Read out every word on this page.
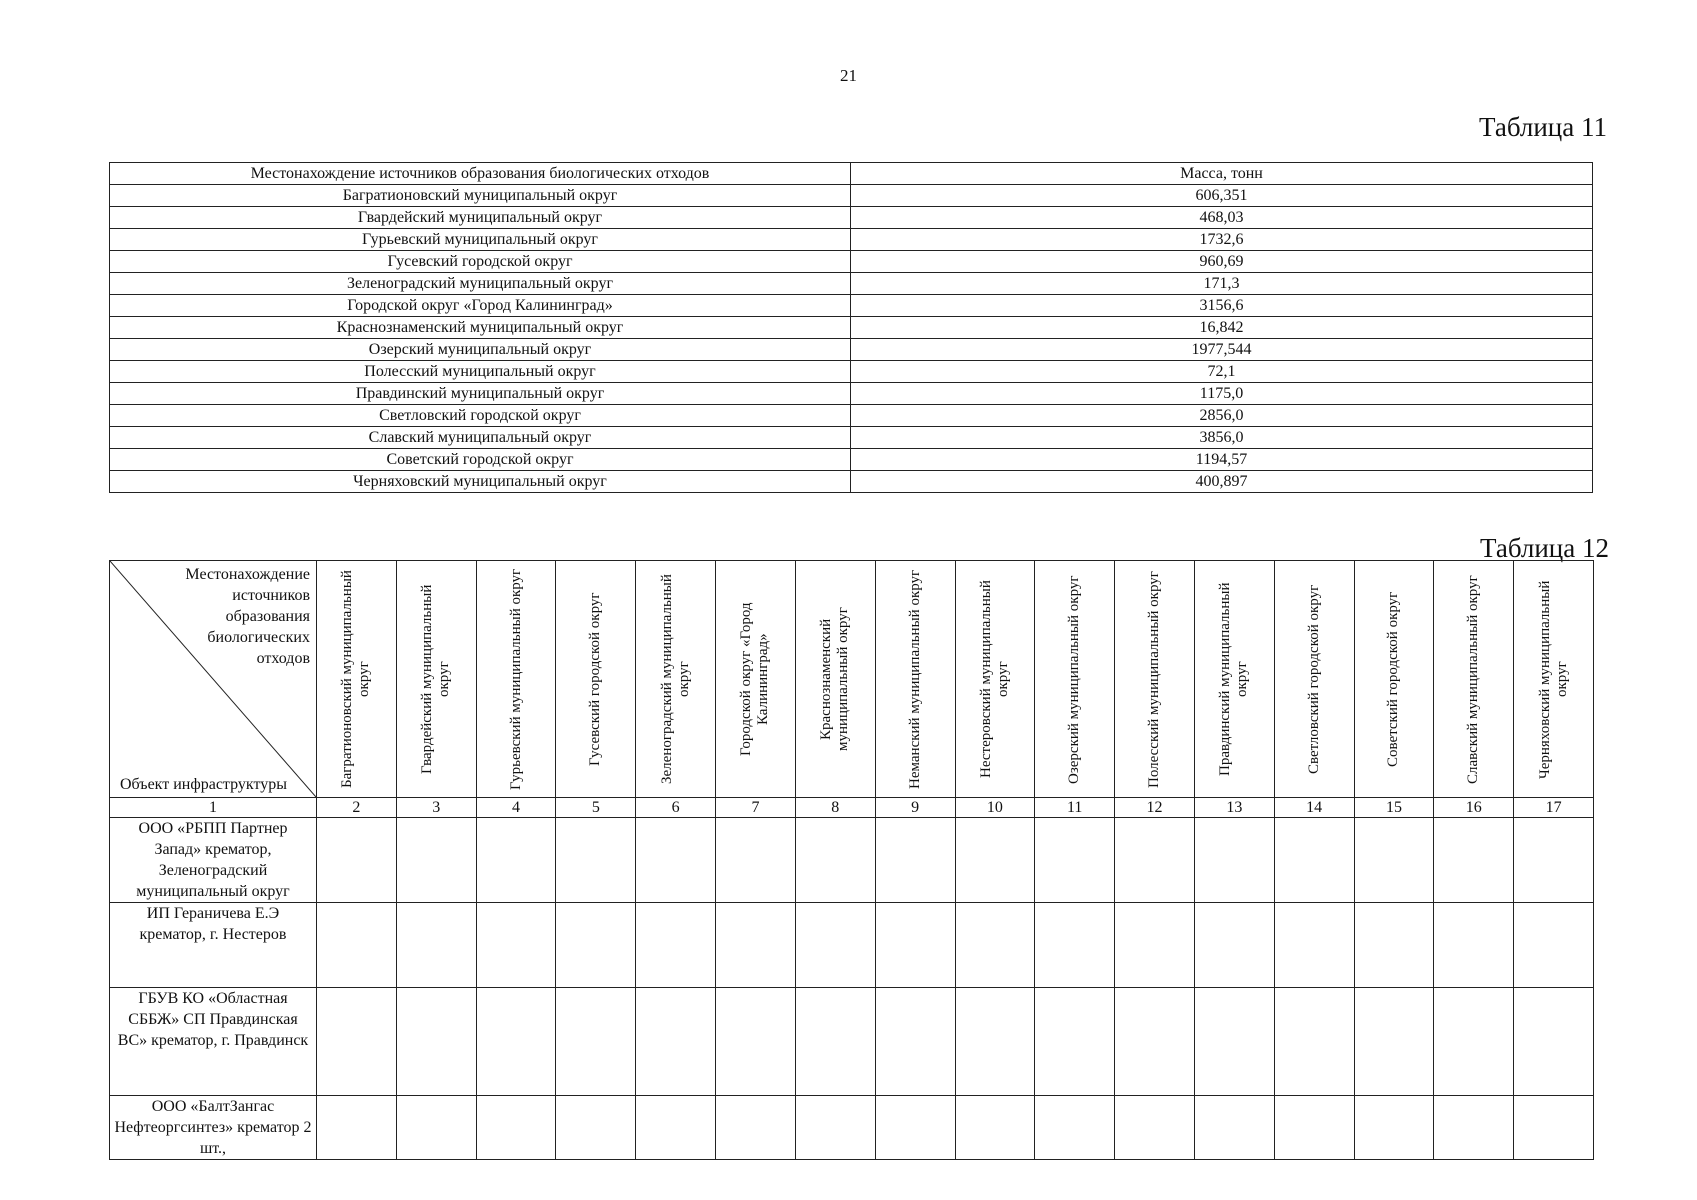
21
Таблица 11
Местонахождение источников образования биологических отходов	Масса, тонн
Багратионовский муниципальный округ	606,351
Гвардейский муниципальный округ	468,03
Гурьевский муниципальный округ	1732,6
Гусевский городской округ	960,69
Зеленоградский муниципальный округ	171,3
Городской округ «Город Калининград»	3156,6
Краснознаменский муниципальный округ	16,842
Озерский муниципальный округ	1977,544
Полесский муниципальный округ	72,1
Правдинский муниципальный округ	1175,0
Светловский городской округ	2856,0
Славский муниципальный округ	3856,0
Советский городской округ	1194,57
Черняховский муниципальный округ	400,897
Таблица 12
Местонахождение источников образования биологических отходов
Объект инфраструктуры	Багратионовский муниципальный округ	Гвардейский муниципальный округ	Гурьевский муниципальный округ	Гусевский городской округ	Зеленоградский муниципальный округ	Городской округ «Город Калининград»	Краснознаменский муниципальный округ	Неманский муниципальный округ	Нестеровский муниципальный округ	Озерский муниципальный округ	Полесский муниципальный округ	Правдинский муниципальный округ	Светловский городской округ	Советский городской округ	Славский муниципальный округ	Черняховский муниципальный округ

1	2	3	4	5	6	7	8	9	10	11	12	13	14	15	16	17
ООО «РБПП Партнер Запад» крематор, Зеленоградский муниципальный округ																
ИП Гераничева Е.Э крематор, г. Нестеров																
ГБУВ КО «Областная СББЖ» СП Правдинская ВС» крематор, г. Правдинск																
ООО «БалтЗангас Нефтеоргсинтез» крематор 2 шт.,																
